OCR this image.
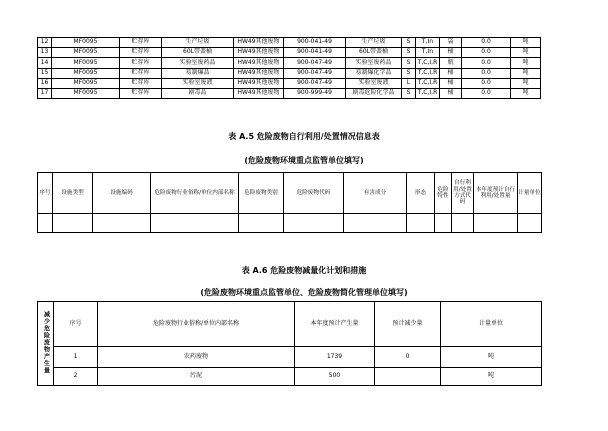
12	MF0095	贮存库	生产垃圾	HW49其他废物	900-041-49	生产垃圾	S	T,In	袋	0.0	吨
13	MF0095	贮存库	60L带盖桶	HW49其他废物	900-041-49	60L带盖桶	S	T,In	桶	0.0	吨
14	MF0095	贮存库	实验室废药品	HW49其他废物	900-047-49	实验室废药品	S	T,C,I,R	瓶	0.0	吨
15	MF0095	贮存库	易制爆品	HW49其他废物	900-047-49	易制爆化学品	S	T,C,I,R	桶	0.0	吨
16	MF0095	贮存库	实验室废液	HW49其他废物	900-047-49	实验室废液	L	T,C,I,R	桶	0.0	吨
17	MF0095	贮存库	剧毒品	HW49其他废物	900-999-49	剧毒危险化学品	S	T,C,I,R	桶	0.0	吨
表 A.5 危险废物自行利用/处置情况信息表
(危险废物环境重点监管单位填写)
序号	设施类型	设施编码	危险废物行业俗称/单位内部名称	危险废物类别	危险废物代码	有害成分	形态	危险特性	自行利用/处置方式代码	本年度预计自行利用/处置量	计量单位

表 A.6 危险废物减量化计划和措施
(危险废物环境重点监管单位、危险废物简化管理单位填写)
减少危险废物产生量	序号	危险废物行业俗称/单位内部名称	本年度预计产生量	预计减少量	计量单位
	1	农药废物	1739	0	吨
	2	污泥	500		吨
